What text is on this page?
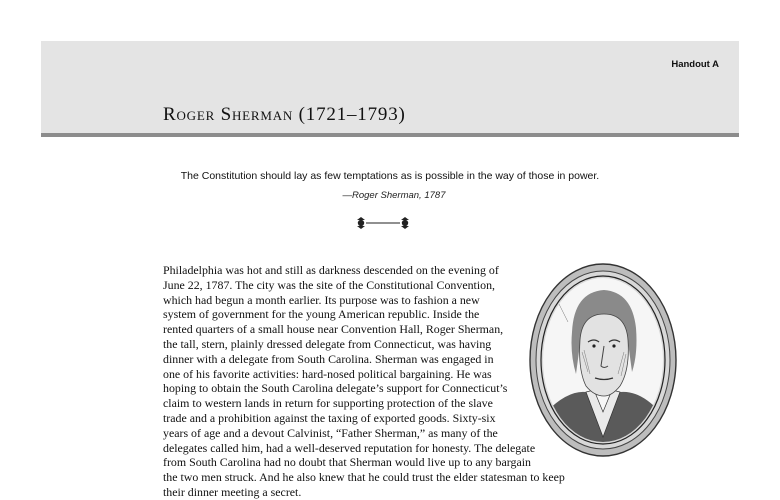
Handout A
Roger Sherman (1721–1793)
The Constitution should lay as few temptations as is possible in the way of those in power.
—Roger Sherman, 1787
Philadelphia was hot and still as darkness descended on the evening of
June 22, 1787. The city was the site of the Constitutional Convention,
which had begun a month earlier. Its purpose was to fashion a new
system of government for the young American republic. Inside the
rented quarters of a small house near Convention Hall, Roger Sherman,
the tall, stern, plainly dressed delegate from Connecticut, was having
dinner with a delegate from South Carolina. Sherman was engaged in
one of his favorite activities: hard-nosed political bargaining. He was
hoping to obtain the South Carolina delegate’s support for Connecticut’s
claim to western lands in return for supporting protection of the slave
trade and a prohibition against the taxing of exported goods. Sixty-six
years of age and a devout Calvinist, “Father Sherman,” as many of the
delegates called him, had a well-deserved reputation for honesty. The delegate
from South Carolina had no doubt that Sherman would live up to any bargain
the two men struck. And he also knew that he could trust the elder statesman to keep
their dinner meeting a secret.
